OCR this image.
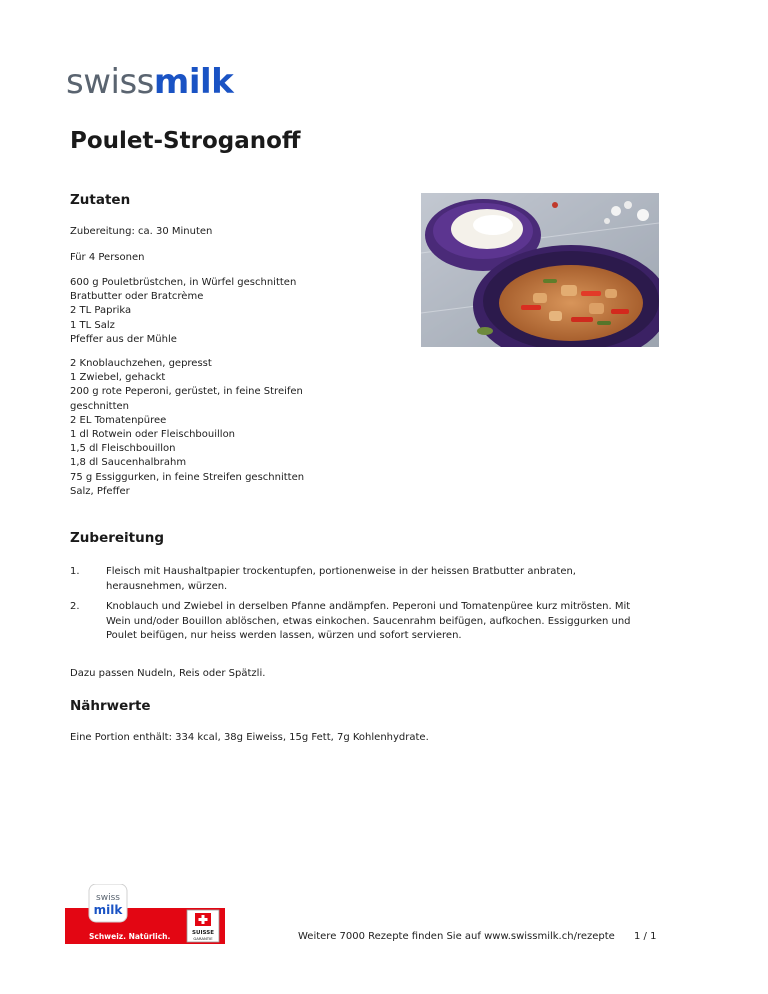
swissmilk
Poulet-Stroganoff
Zutaten
Zubereitung: ca. 30 Minuten
Für 4 Personen
600 g Pouletbrüstchen, in Würfel geschnitten
Bratbutter oder Bratcrème
2 TL Paprika
1 TL Salz
Pfeffer aus der Mühle
2 Knoblauchzehen, gepresst
1 Zwiebel, gehackt
200 g rote Peperoni, gerüstet, in feine Streifen geschnitten
2 EL Tomatenpüree
1 dl Rotwein oder Fleischbouillon
1,5 dl Fleischbouillon
1,8 dl Saucenhalbrahm
75 g Essiggurken, in feine Streifen geschnitten
Salz, Pfeffer
Zubereitung
1.	Fleisch mit Haushaltpapier trockentupfen, portionenweise in der heissen Bratbutter anbraten, herausnehmen, würzen.
2.	Knoblauch und Zwiebel in derselben Pfanne andämpfen. Peperoni und Tomatenpüree kurz mitrösten. Mit Wein und/oder Bouillon ablöschen, etwas einkochen. Saucenrahm beifügen, aufkochen. Essiggurken und Poulet beifügen, nur heiss werden lassen, würzen und sofort servieren.
Dazu passen Nudeln, Reis oder Spätzli.
Nährwerte
Eine Portion enthält: 334 kcal, 38g Eiweiss, 15g Fett, 7g Kohlenhydrate.
swiss
milk
Schweiz. Natürlich.	SUISSE
GARANTIE	Weitere 7000 Rezepte finden Sie auf www.swissmilk.ch/rezepte 1 / 1
